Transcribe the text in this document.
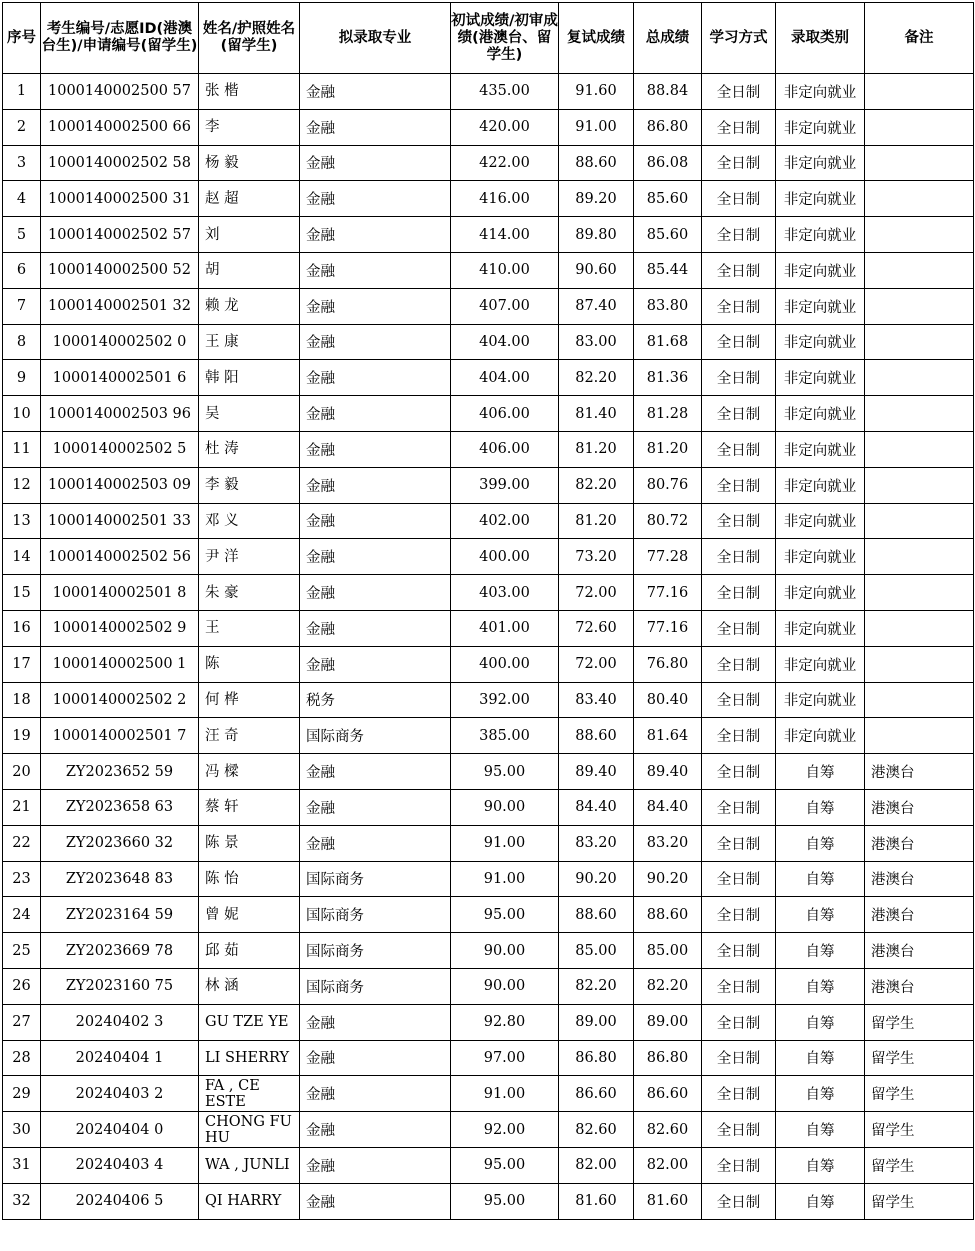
序号	考生编号/志愿ID(港澳台生)/申请编号(留学生)	姓名/护照姓名(留学生)	拟录取专业	初试成绩/初审成绩(港澳台、留学生)	复试成绩	总成绩	学习方式	录取类别	备注
1	1000140002500 57	张 楷	金融	435.00	91.60	88.84	全日制	非定向就业	
2	1000140002500 66	李	金融	420.00	91.00	86.80	全日制	非定向就业	
3	1000140002502 58	杨 毅	金融	422.00	88.60	86.08	全日制	非定向就业	
4	1000140002500 31	赵 超	金融	416.00	89.20	85.60	全日制	非定向就业	
5	1000140002502 57	刘	金融	414.00	89.80	85.60	全日制	非定向就业	
6	1000140002500 52	胡	金融	410.00	90.60	85.44	全日制	非定向就业	
7	1000140002501 32	赖 龙	金融	407.00	87.40	83.80	全日制	非定向就业	
8	1000140002502 0	王 康	金融	404.00	83.00	81.68	全日制	非定向就业	
9	1000140002501 6	韩 阳	金融	404.00	82.20	81.36	全日制	非定向就业	
10	1000140002503 96	吴	金融	406.00	81.40	81.28	全日制	非定向就业	
11	1000140002502 5	杜 涛	金融	406.00	81.20	81.20	全日制	非定向就业	
12	1000140002503 09	李 毅	金融	399.00	82.20	80.76	全日制	非定向就业	
13	1000140002501 33	邓 义	金融	402.00	81.20	80.72	全日制	非定向就业	
14	1000140002502 56	尹 洋	金融	400.00	73.20	77.28	全日制	非定向就业	
15	1000140002501 8	朱 豪	金融	403.00	72.00	77.16	全日制	非定向就业	
16	1000140002502 9	王	金融	401.00	72.60	77.16	全日制	非定向就业	
17	1000140002500 1	陈	金融	400.00	72.00	76.80	全日制	非定向就业	
18	1000140002502 2	何 桦	税务	392.00	83.40	80.40	全日制	非定向就业	
19	1000140002501 7	汪 奇	国际商务	385.00	88.60	81.64	全日制	非定向就业	
20	ZY2023652 59	冯 樑	金融	95.00	89.40	89.40	全日制	自筹	港澳台
21	ZY2023658 63	蔡 轩	金融	90.00	84.40	84.40	全日制	自筹	港澳台
22	ZY2023660 32	陈 景	金融	91.00	83.20	83.20	全日制	自筹	港澳台
23	ZY2023648 83	陈 怡	国际商务	91.00	90.20	90.20	全日制	自筹	港澳台
24	ZY2023164 59	曾 妮	国际商务	95.00	88.60	88.60	全日制	自筹	港澳台
25	ZY2023669 78	邱 茹	国际商务	90.00	85.00	85.00	全日制	自筹	港澳台
26	ZY2023160 75	林 涵	国际商务	90.00	82.20	82.20	全日制	自筹	港澳台
27	20240402 3	GU TZE YE	金融	92.80	89.00	89.00	全日制	自筹	留学生
28	20240404 1	LI SHERRY	金融	97.00	86.80	86.80	全日制	自筹	留学生
29	20240403 2	FA , CE ESTE	金融	91.00	86.60	86.60	全日制	自筹	留学生
30	20240404 0	CHONG FU HU	金融	92.00	82.60	82.60	全日制	自筹	留学生
31	20240403 4	WA , JUNLI	金融	95.00	82.00	82.00	全日制	自筹	留学生
32	20240406 5	QI HARRY	金融	95.00	81.60	81.60	全日制	自筹	留学生
